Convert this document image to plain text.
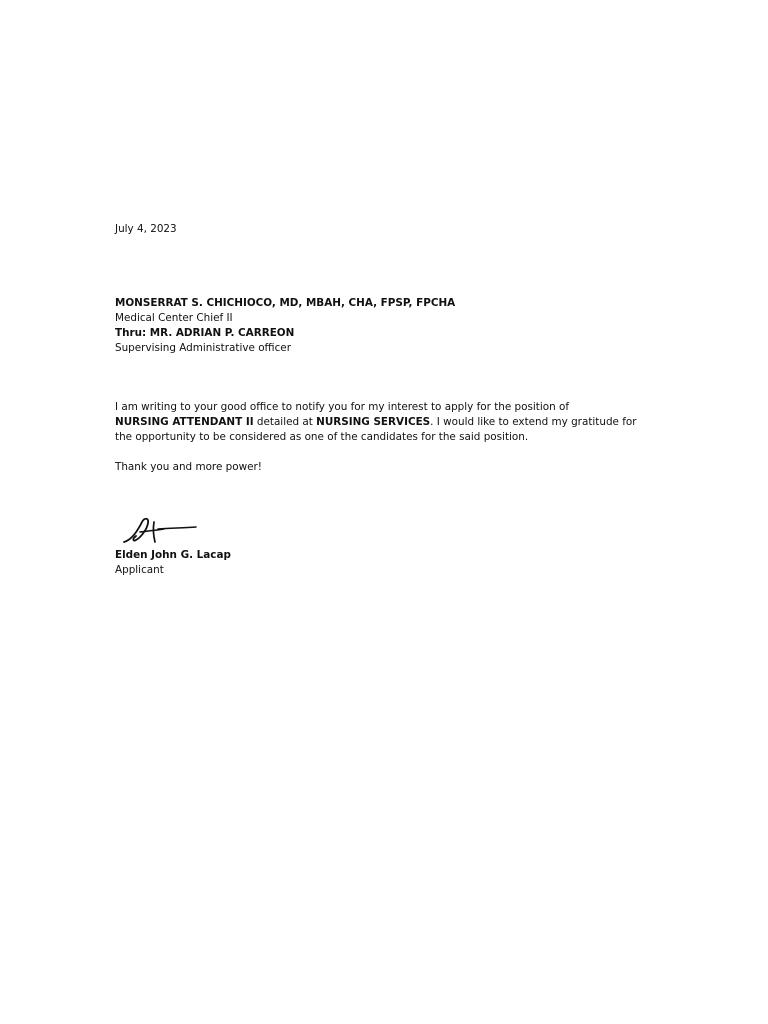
July 4, 2023
MONSERRAT S. CHICHIOCO, MD, MBAH, CHA, FPSP, FPCHA
Medical Center Chief II
Thru: MR. ADRIAN P. CARREON
Supervising Administrative officer

I am writing to your good office to notify you for my interest to apply for the position of
NURSING ATTENDANT II detailed at NURSING SERVICES. I would like to extend my gratitude for the opportunity to be considered as one of the candidates for the said position.

Thank you and more power!
Elden John G. Lacap
Applicant
